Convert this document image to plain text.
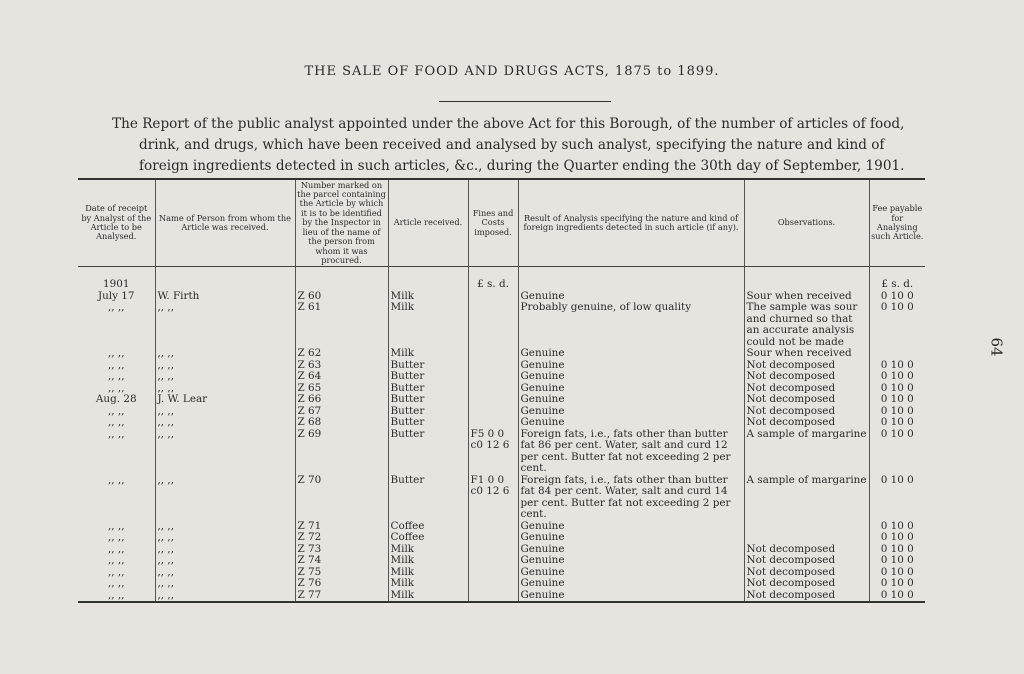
THE SALE OF FOOD AND DRUGS ACTS, 1875 to 1899.
The Report of the public analyst appointed under the above Act for this Borough, of the number of articles of food,
drink, and drugs, which have been received and analysed by such analyst, specifying the nature and kind of
foreign ingredients detected in such articles, &c., during the Quarter ending the 30th day of September, 1901.
64
Date of receipt by Analyst of the Article to be Analysed.	Name of Person from whom the Article was received.	Number marked on the parcel containing the Article by which it is to be identified by the Inspector in lieu of the name of the person from whom it was procured.	Article received.	Fines and Costs imposed.	Result of Analysis specifying the nature and kind of foreign ingredients detected in such article (if any).	Observations.	Fee payable for Analysing such Article.

1901				£ s. d.			£ s. d.
July 17	W. Firth	Z 60	Milk		Genuine	Sour when received	0 10 0
,, ,,	,, ,,	Z 61	Milk		Probably genuine, of low quality	The sample was sour and churned so that an accurate analysis could not be made	0 10 0
,, ,,	,, ,,	Z 62	Milk		Genuine	Sour when received	
,, ,,	,, ,,	Z 63	Butter		Genuine	Not decomposed	0 10 0
,, ,,	,, ,,	Z 64	Butter		Genuine	Not decomposed	0 10 0
,, ,,	,, ,,	Z 65	Butter		Genuine	Not decomposed	0 10 0
Aug. 28	J. W. Lear	Z 66	Butter		Genuine	Not decomposed	0 10 0
,, ,,	,, ,,	Z 67	Butter		Genuine	Not decomposed	0 10 0
,, ,,	,, ,,	Z 68	Butter		Genuine	Not decomposed	0 10 0
,, ,,	,, ,,	Z 69	Butter	F5 0 0 c0 12 6	Foreign fats, i.e., fats other than butter fat 86 per cent. Water, salt and curd 12 per cent. Butter fat not exceeding 2 per cent.	A sample of margarine	0 10 0
,, ,,	,, ,,	Z 70	Butter	F1 0 0 c0 12 6	Foreign fats, i.e., fats other than butter fat 84 per cent. Water, salt and curd 14 per cent. Butter fat not exceeding 2 per cent.	A sample of margarine	0 10 0
,, ,,	,, ,,	Z 71	Coffee		Genuine		0 10 0
,, ,,	,, ,,	Z 72	Coffee		Genuine		0 10 0
,, ,,	,, ,,	Z 73	Milk		Genuine	Not decomposed	0 10 0
,, ,,	,, ,,	Z 74	Milk		Genuine	Not decomposed	0 10 0
,, ,,	,, ,,	Z 75	Milk		Genuine	Not decomposed	0 10 0
,, ,,	,, ,,	Z 76	Milk		Genuine	Not decomposed	0 10 0
,, ,,	,, ,,	Z 77	Milk		Genuine	Not decomposed	0 10 0
